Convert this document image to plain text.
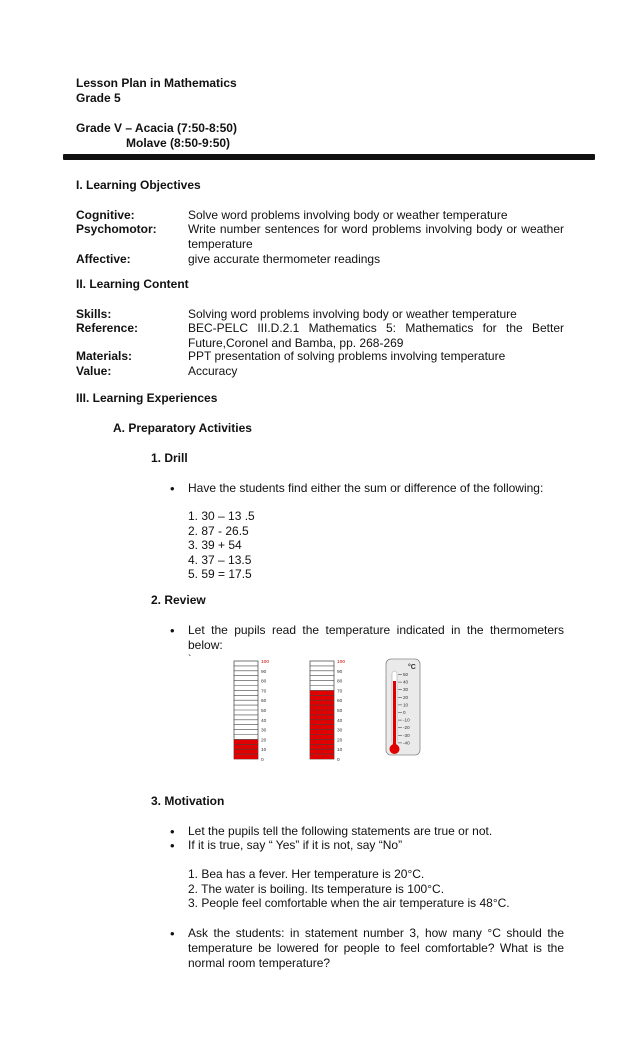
Lesson Plan in Mathematics
Grade 5
Grade V – Acacia (7:50-8:50)
Molave (8:50-9:50)
I. Learning Objectives
Cognitive:	Solve word problems involving body or weather temperature
Psychomotor:	Write number sentences for word problems involving body or weather temperature
Affective:	give accurate thermometer readings
II. Learning Content
Skills:	Solving word problems involving body or weather temperature
Reference:	BEC-PELC III.D.2.1 Mathematics 5: Mathematics for the Better Future,Coronel and Bamba, pp. 268-269
Materials:	PPT presentation of solving problems involving temperature
Value:	Accuracy
III. Learning Experiences
A. Preparatory Activities
1. Drill
• Have the students find either the sum or difference of the following:
1. 30 – 13 .5
2. 87 - 26.5
3. 39 + 54
4. 37 – 13.5
5. 59 = 17.5
2. Review
• Let the pupils read the temperature indicated in the thermometers below:
`	100
90
80
70
60
50
40
30
20
10
0
100
90
80
70
60
50
40
30
20
10
0
°C
50
40
30
20
10
0
-10
-20
-30
-40
3. Motivation
• Let the pupils tell the following statements are true or not.
• If it is true, say “ Yes” if it is not, say “No”
1. Bea has a fever. Her temperature is 20°C.
2. The water is boiling. Its temperature is 100°C.
3. People feel comfortable when the air temperature is 48°C.
• Ask the students: in statement number 3, how many °C should the temperature be lowered for people to feel comfortable? What is the normal room temperature?
